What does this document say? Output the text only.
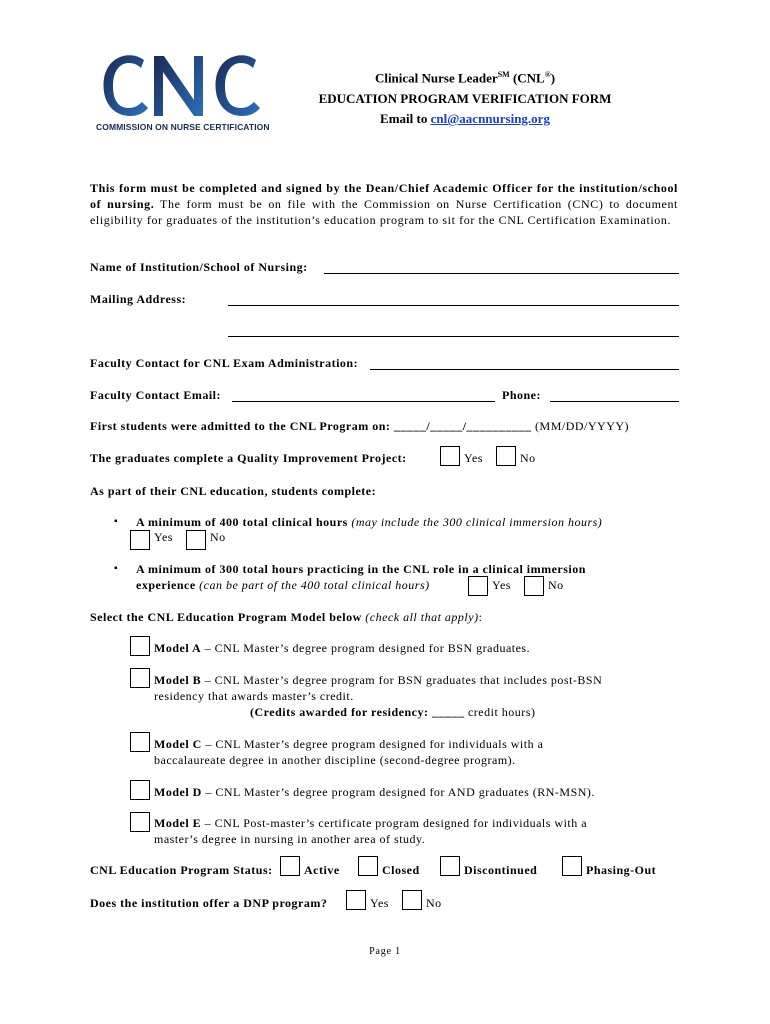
COMMISSION ON NURSE CERTIFICATION
Clinical Nurse Leader℠ (CNL®)
EDUCATION PROGRAM VERIFICATION FORM
Email to cnl@aacnnursing.org
This form must be completed and signed by the Dean/Chief Academic Officer for the institution/school of nursing. The form must be on file with the Commission on Nurse Certification (CNC) to document eligibility for graduates of the institution’s education program to sit for the CNL Certification Examination.
Name of Institution/School of Nursing:
Mailing Address:
Faculty Contact for CNL Exam Administration:
Faculty Contact Email:	Phone:
First students were admitted to the CNL Program on: _____/_____/__________ (MM/DD/YYYY)
The graduates complete a Quality Improvement Project:	Yes	No
As part of their CNL education, students complete:
▪ A minimum of 400 total clinical hours (may include the 300 clinical immersion hours)
Yes	No
▪ A minimum of 300 total hours practicing in the CNL role in a clinical immersion
experience (can be part of the 400 total clinical hours)	Yes	No
Select the CNL Education Program Model below (check all that apply):
Model A – CNL Master’s degree program designed for BSN graduates.
Model B – CNL Master’s degree program for BSN graduates that includes post-BSN
residency that awards master’s credit.
(Credits awarded for residency: _____ credit hours)
Model C – CNL Master’s degree program designed for individuals with a
baccalaureate degree in another discipline (second-degree program).
Model D – CNL Master’s degree program designed for AND graduates (RN-MSN).
Model E – CNL Post-master’s certificate program designed for individuals with a
master’s degree in nursing in another area of study.
CNL Education Program Status:	Active	Closed	Discontinued	Phasing-Out
Does the institution offer a DNP program?	Yes	No
Page 1
